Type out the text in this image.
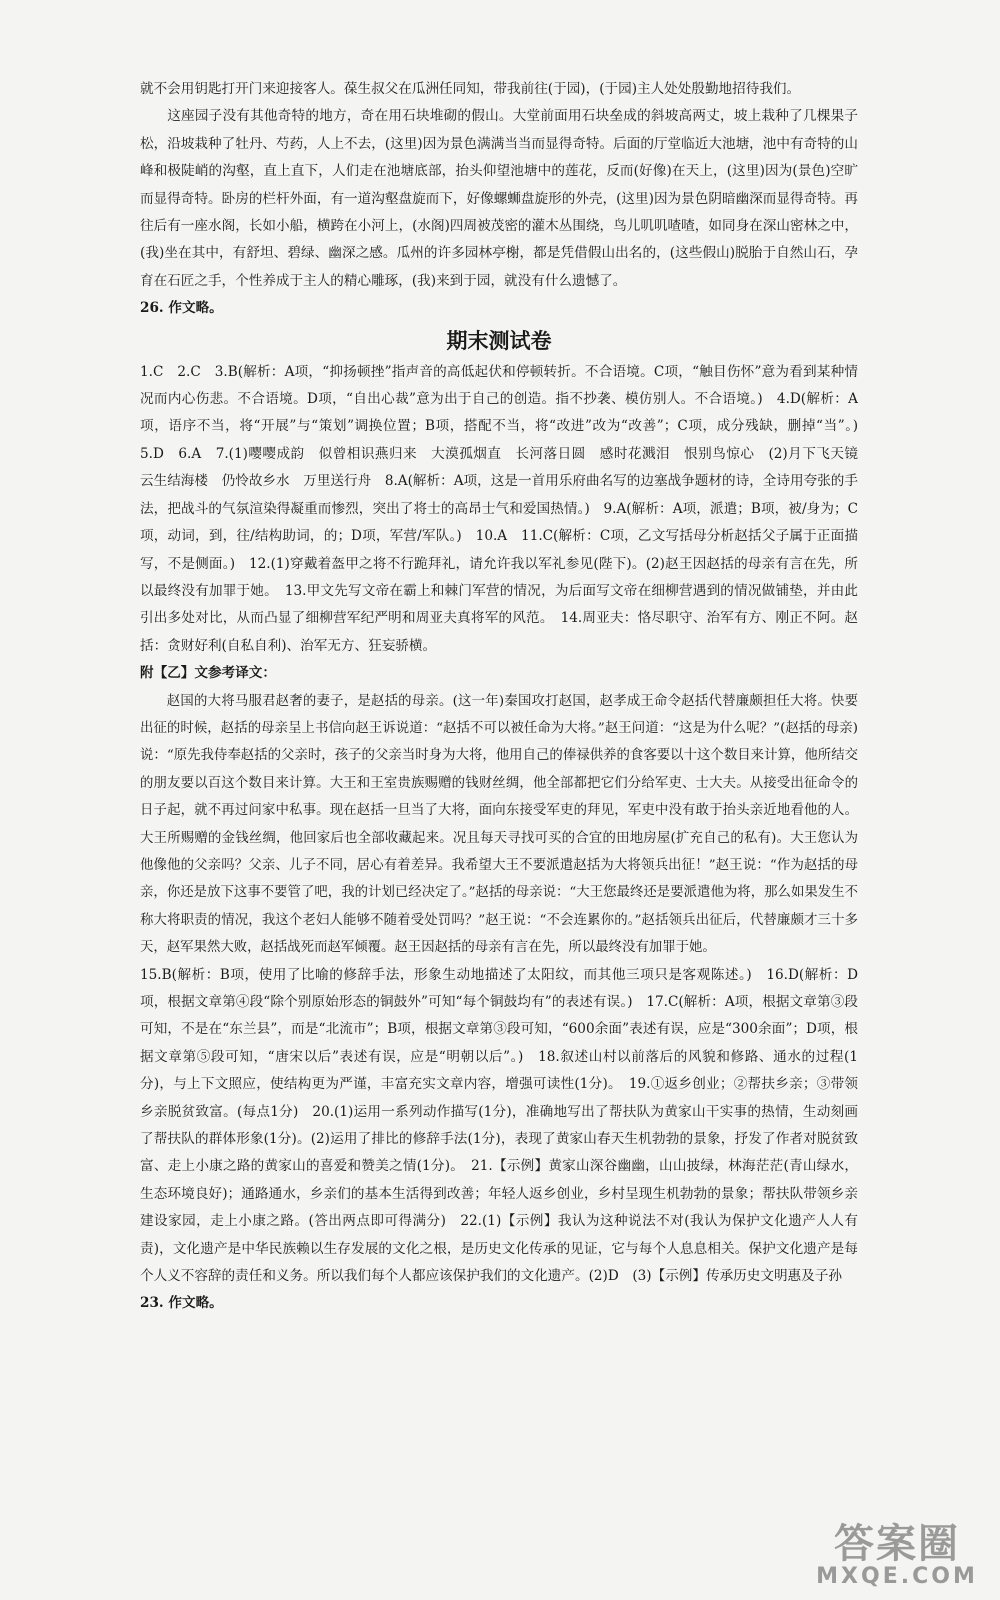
就不会用钥匙打开门来迎接客人。葆生叔父在瓜洲任同知，带我前往(于园)，(于园)主人处处殷勤地招待我们。

这座园子没有其他奇特的地方，奇在用石块堆砌的假山。大堂前面用石块垒成的斜坡高两丈，坡上栽种了几棵果子松，沿坡栽种了牡丹、芍药，人上不去，(这里)因为景色满满当当而显得奇特。后面的厅堂临近大池塘，池中有奇特的山峰和极陡峭的沟壑，直上直下，人们走在池塘底部，抬头仰望池塘中的莲花，反而(好像)在天上，(这里)因为(景色)空旷而显得奇特。卧房的栏杆外面，有一道沟壑盘旋而下，好像螺蛳盘旋形的外壳，(这里)因为景色阴暗幽深而显得奇特。再往后有一座水阁，长如小船，横跨在小河上，(水阁)四周被茂密的灌木丛围绕，鸟儿叽叽喳喳，如同身在深山密林之中，(我)坐在其中，有舒坦、碧绿、幽深之感。瓜州的许多园林亭榭，都是凭借假山出名的，(这些假山)脱胎于自然山石，孕育在石匠之手，个性养成于主人的精心雕琢，(我)来到于园，就没有什么遗憾了。

26. 作文略。

期末测试卷

1.C　2.C　3.B(解析：A项，“抑扬顿挫”指声音的高低起伏和停顿转折。不合语境。C项，“触目伤怀”意为看到某种情况而内心伤悲。不合语境。D项，“自出心裁”意为出于自己的创造。指不抄袭、模仿别人。不合语境。)　4.D(解析：A项，语序不当，将“开展”与“策划”调换位置；B项，搭配不当，将“改进”改为“改善”；C项，成分残缺，删掉“当”。)　5.D　6.A　7.(1)嘤嘤成韵　似曾相识燕归来　大漠孤烟直　长河落日圆　感时花溅泪　恨别鸟惊心　(2)月下飞天镜　云生结海楼　仍怜故乡水　万里送行舟　8.A(解析：A项，这是一首用乐府曲名写的边塞战争题材的诗，全诗用夸张的手法，把战斗的气氛渲染得凝重而惨烈，突出了将士的高昂士气和爱国热情。)　9.A(解析：A项，派遣；B项，被/身为；C项，动词，到，往/结构助词，的；D项，军营/军队。)　10.A　11.C(解析：C项，乙文写括母分析赵括父子属于正面描写，不是侧面。)　12.(1)穿戴着盔甲之将不行跪拜礼，请允许我以军礼参见(陛下)。(2)赵王因赵括的母亲有言在先，所以最终没有加罪于她。　13.甲文先写文帝在霸上和棘门军营的情况，为后面写文帝在细柳营遇到的情况做铺垫，并由此引出多处对比，从而凸显了细柳营军纪严明和周亚夫真将军的风范。　14.周亚夫：恪尽职守、治军有方、刚正不阿。赵括：贪财好利(自私自利)、治军无方、狂妄骄横。

附【乙】文参考译文：

赵国的大将马服君赵奢的妻子，是赵括的母亲。(这一年)秦国攻打赵国，赵孝成王命令赵括代替廉颇担任大将。快要出征的时候，赵括的母亲呈上书信向赵王诉说道：“赵括不可以被任命为大将。”赵王问道：“这是为什么呢？”(赵括的母亲)说：“原先我侍奉赵括的父亲时，孩子的父亲当时身为大将，他用自己的俸禄供养的食客要以十这个数目来计算，他所结交的朋友要以百这个数目来计算。大王和王室贵族赐赠的钱财丝绸，他全部都把它们分给军吏、士大夫。从接受出征命令的日子起，就不再过问家中私事。现在赵括一旦当了大将，面向东接受军吏的拜见，军吏中没有敢于抬头亲近地看他的人。大王所赐赠的金钱丝绸，他回家后也全部收藏起来。况且每天寻找可买的合宜的田地房屋(扩充自己的私有)。大王您认为他像他的父亲吗？父亲、儿子不同，居心有着差异。我希望大王不要派遣赵括为大将领兵出征！”赵王说：“作为赵括的母亲，你还是放下这事不要管了吧，我的计划已经决定了。”赵括的母亲说：“大王您最终还是要派遣他为将，那么如果发生不称大将职责的情况，我这个老妇人能够不随着受处罚吗？”赵王说：“不会连累你的。”赵括领兵出征后，代替廉颇才三十多天，赵军果然大败，赵括战死而赵军倾覆。赵王因赵括的母亲有言在先，所以最终没有加罪于她。

15.B(解析：B项，使用了比喻的修辞手法，形象生动地描述了太阳纹，而其他三项只是客观陈述。)　16.D(解析：D项，根据文章第④段“除个别原始形态的铜鼓外”可知“每个铜鼓均有”的表述有误。)　17.C(解析：A项，根据文章第③段可知，不是在“东兰县”，而是“北流市”；B项，根据文章第③段可知，“600余面”表述有误，应是“300余面”；D项，根据文章第⑤段可知，“唐宋以后”表述有误，应是“明朝以后”。)　18.叙述山村以前落后的风貌和修路、通水的过程(1分)，与上下文照应，使结构更为严谨，丰富充实文章内容，增强可读性(1分)。　19.①返乡创业；②帮扶乡亲；③带领乡亲脱贫致富。(每点1分)　20.(1)运用一系列动作描写(1分)，准确地写出了帮扶队为黄家山干实事的热情，生动刻画了帮扶队的群体形象(1分)。(2)运用了排比的修辞手法(1分)，表现了黄家山春天生机勃勃的景象，抒发了作者对脱贫致富、走上小康之路的黄家山的喜爱和赞美之情(1分)。　21.【示例】黄家山深谷幽幽，山山披绿，林海茫茫(青山绿水，生态环境良好)；通路通水，乡亲们的基本生活得到改善；年轻人返乡创业，乡村呈现生机勃勃的景象；帮扶队带领乡亲建设家园，走上小康之路。(答出两点即可得满分)　22.(1)【示例】我认为这种说法不对(我认为保护文化遗产人人有责)，文化遗产是中华民族赖以生存发展的文化之根，是历史文化传承的见证，它与每个人息息相关。保护文化遗产是每个人义不容辞的责任和义务。所以我们每个人都应该保护我们的文化遗产。(2)D　(3)【示例】传承历史文明惠及子孙

23. 作文略。

答案圈
MXQE.COM
